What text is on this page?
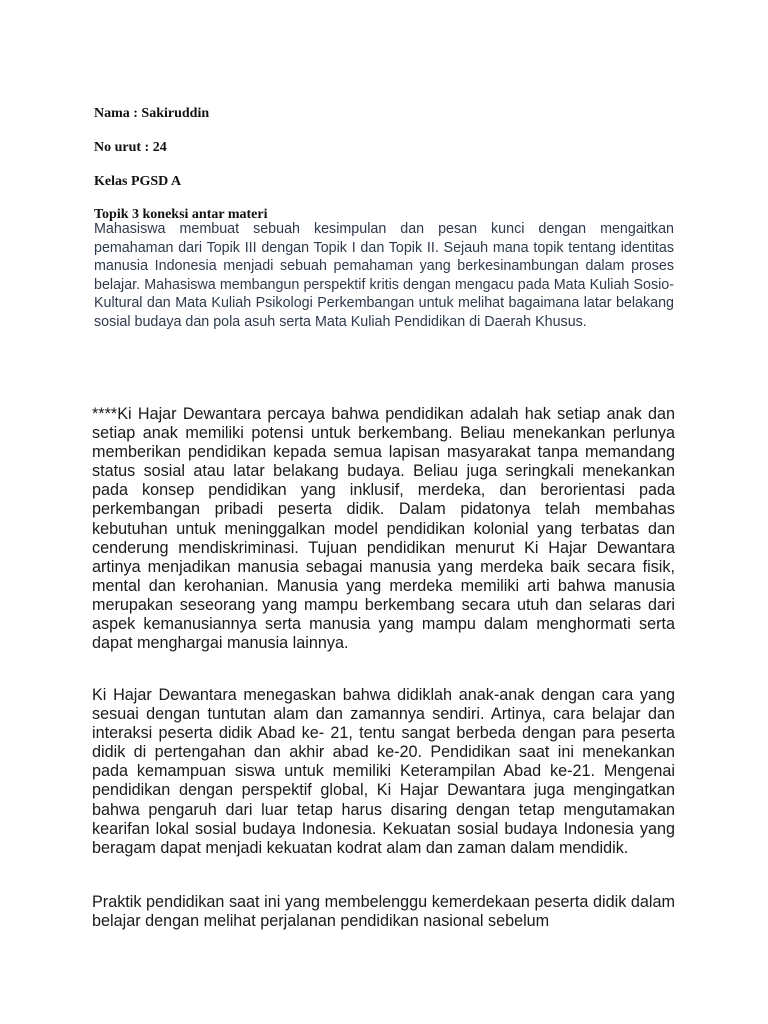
Nama : Sakiruddin
No urut : 24
Kelas PGSD A
Topik 3 koneksi antar materi

Mahasiswa membuat sebuah kesimpulan dan pesan kunci dengan mengaitkan pemahaman dari Topik III dengan Topik I dan Topik II. Sejauh mana topik tentang identitas manusia Indonesia menjadi sebuah pemahaman yang berkesinambungan dalam proses belajar. Mahasiswa membangun perspektif kritis dengan mengacu pada Mata Kuliah Sosio-Kultural dan Mata Kuliah Psikologi Perkembangan untuk melihat bagaimana latar belakang sosial budaya dan pola asuh serta Mata Kuliah Pendidikan di Daerah Khusus.

****Ki Hajar Dewantara percaya bahwa pendidikan adalah hak setiap anak dan setiap anak memiliki potensi untuk berkembang. Beliau menekankan perlunya memberikan pendidikan kepada semua lapisan masyarakat tanpa memandang status sosial atau latar belakang budaya. Beliau juga seringkali menekankan pada konsep pendidikan yang inklusif, merdeka, dan berorientasi pada perkembangan pribadi peserta didik. Dalam pidatonya telah membahas kebutuhan untuk meninggalkan model pendidikan kolonial yang terbatas dan cenderung mendiskriminasi. Tujuan pendidikan menurut Ki Hajar Dewantara artinya menjadikan manusia sebagai manusia yang merdeka baik secara fisik, mental dan kerohanian. Manusia yang merdeka memiliki arti bahwa manusia merupakan seseorang yang mampu berkembang secara utuh dan selaras dari aspek kemanusiannya serta manusia yang mampu dalam menghormati serta dapat menghargai manusia lainnya.

Ki Hajar Dewantara menegaskan bahwa didiklah anak-anak dengan cara yang sesuai dengan tuntutan alam dan zamannya sendiri. Artinya, cara belajar dan interaksi peserta didik Abad ke- 21, tentu sangat berbeda dengan para peserta didik di pertengahan dan akhir abad ke-20. Pendidikan saat ini menekankan pada kemampuan siswa untuk memiliki Keterampilan Abad ke-21. Mengenai pendidikan dengan perspektif global, Ki Hajar Dewantara juga mengingatkan bahwa pengaruh dari luar tetap harus disaring dengan tetap mengutamakan kearifan lokal sosial budaya Indonesia. Kekuatan sosial budaya Indonesia yang beragam dapat menjadi kekuatan kodrat alam dan zaman dalam mendidik.

Praktik pendidikan saat ini yang membelenggu kemerdekaan peserta didik dalam belajar dengan melihat perjalanan pendidikan nasional sebelum
